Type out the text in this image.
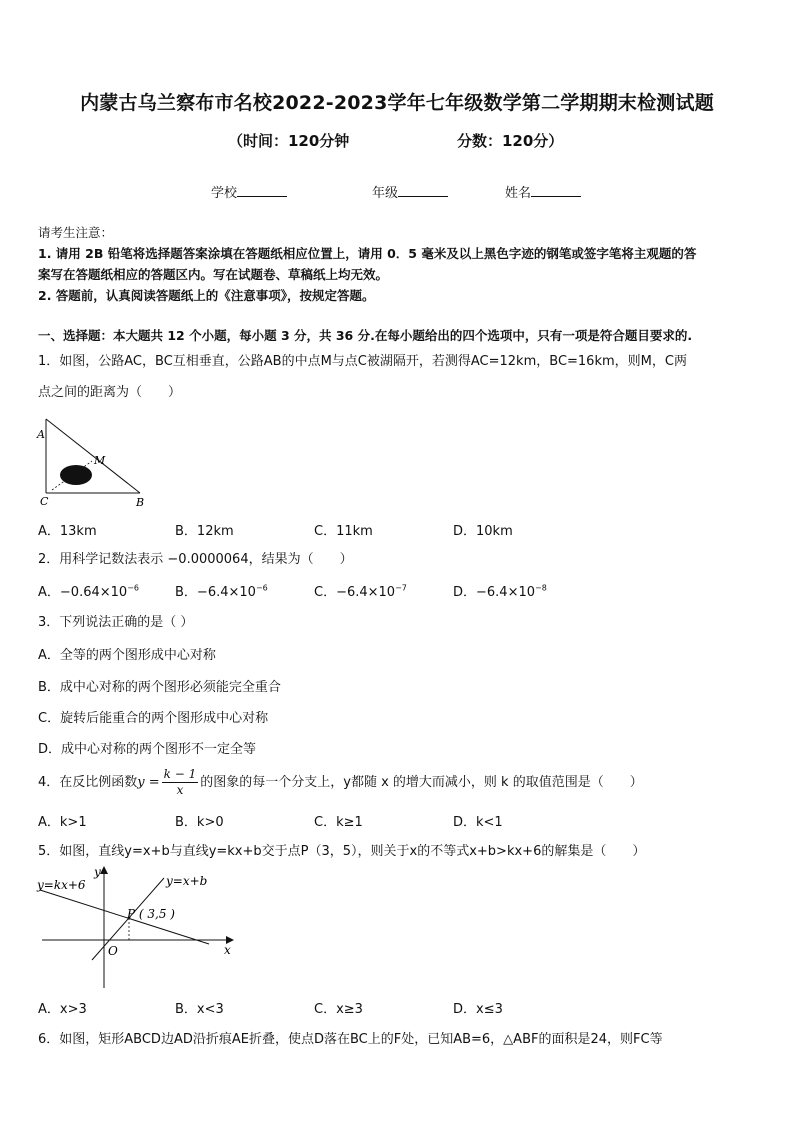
内蒙古乌兰察布市名校2022-2023学年七年级数学第二学期期末检测试题
（时间：120分钟	分数：120分）
学校	年级	姓名
请考生注意：
1. 请用 2B 铅笔将选择题答案涂填在答题纸相应位置上，请用 0．5 毫米及以上黑色字迹的钢笔或签字笔将主观题的答
案写在答题纸相应的答题区内。写在试题卷、草稿纸上均无效。
2. 答题前，认真阅读答题纸上的《注意事项》，按规定答题。
一、选择题：本大题共 12 个小题，每小题 3 分，共 36 分.在每小题给出的四个选项中，只有一项是符合题目要求的.
1．如图，公路AC，BC互相垂直，公路AB的中点M与点C被湖隔开，若测得AC=12km，BC=16km，则M，C两
点之间的距离为（　　）
A
B
C
M
A．13km	B．12km	C．11km	D．10km
2．用科学记数法表示 −0.0000064，结果为（　　）
A．$-0.64\times 10^{-6}$	B．$-6.4\times 10^{-6}$	C．$-6.4\times 10^{-7}$	D．$-6.4\times 10^{-8}$
3．下列说法正确的是（ ）
A．全等的两个图形成中心对称
B．成中心对称的两个图形必须能完全重合
C．旋转后能重合的两个图形成中心对称
D．成中心对称的两个图形不一定全等
4．在反比例函数$y = \frac{k - 1}{x}$ 的图象的每一个分支上，y都随 x 的增大而减小，则 k 的取值范围是（　　）
A．k>1	B．k>0	C．k≥1	D．k<1
5．如图，直线y=x+b与直线y=kx+b交于点P（3，5），则关于x的不等式x+b>kx+6的解集是（　　）
y=kx+6	y=x+b
P ( 3,5 )
O	x
y
A．x>3	B．x<3	C．x≥3	D．x≤3
6．如图，矩形ABCD边AD沿折痕AE折叠，使点D落在BC上的F处，已知AB=6，△ABF的面积是24，则FC等
